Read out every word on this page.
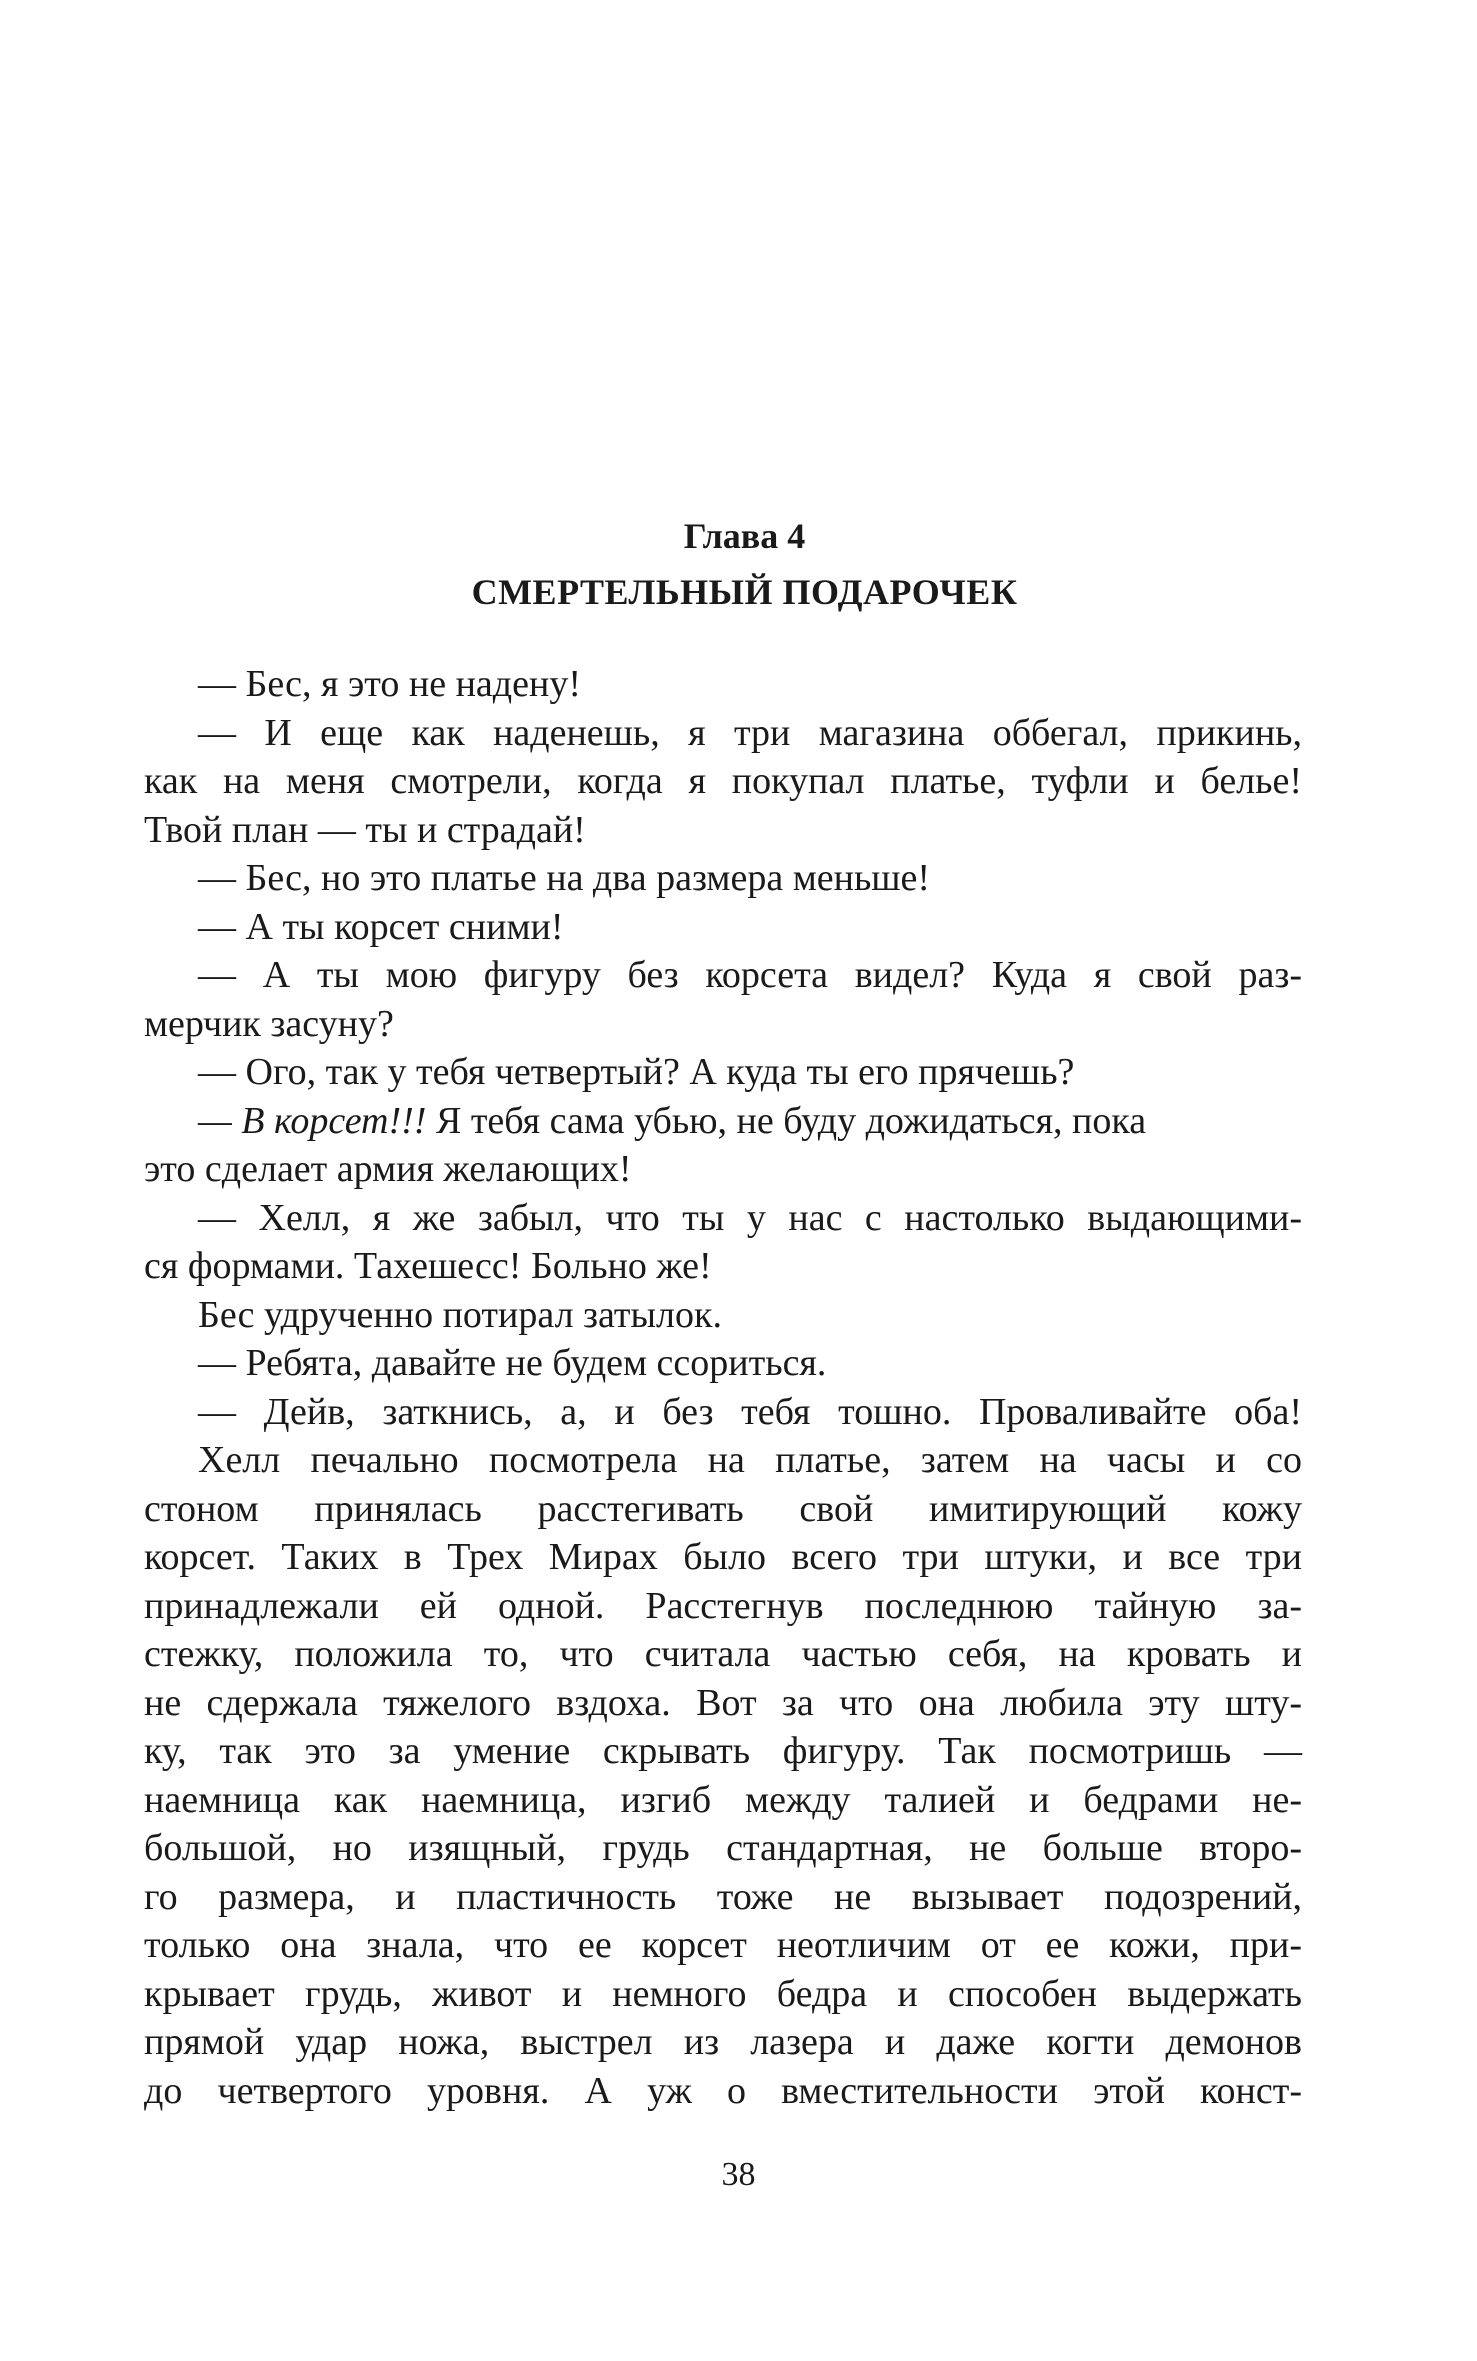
Глава 4
СМЕРТЕЛЬНЫЙ ПОДАРОЧЕК
— Бес, я это не надену!
— И еще как наденешь, я три магазина оббегал, прикинь,
как на меня смотрели, когда я покупал платье, туфли и белье!
Твой план — ты и страдай!
— Бес, но это платье на два размера меньше!
— А ты корсет сними!
— А ты мою фигуру без корсета видел? Куда я свой раз-
мерчик засуну?
— Ого, так у тебя четвертый? А куда ты его прячешь?
— В корсет!!! Я тебя сама убью, не буду дожидаться, пока
это сделает армия желающих!
— Хелл, я же забыл, что ты у нас с настолько выдающими-
ся формами. Тахешесс! Больно же!
Бес удрученно потирал затылок.
— Ребята, давайте не будем ссориться.
— Дейв, заткнись, а, и без тебя тошно. Проваливайте оба!
Хелл печально посмотрела на платье, затем на часы и со
стоном принялась расстегивать свой имитирующий кожу
корсет. Таких в Трех Мирах было всего три штуки, и все три
принадлежали ей одной. Расстегнув последнюю тайную за-
стежку, положила то, что считала частью себя, на кровать и
не сдержала тяжелого вздоха. Вот за что она любила эту шту-
ку, так это за умение скрывать фигуру. Так посмотришь —
наемница как наемница, изгиб между талией и бедрами не-
большой, но изящный, грудь стандартная, не больше второ-
го размера, и пластичность тоже не вызывает подозрений,
только она знала, что ее корсет неотличим от ее кожи, при-
крывает грудь, живот и немного бедра и способен выдержать
прямой удар ножа, выстрел из лазера и даже когти демонов
до четвертого уровня. А уж о вместительности этой конст-
38
